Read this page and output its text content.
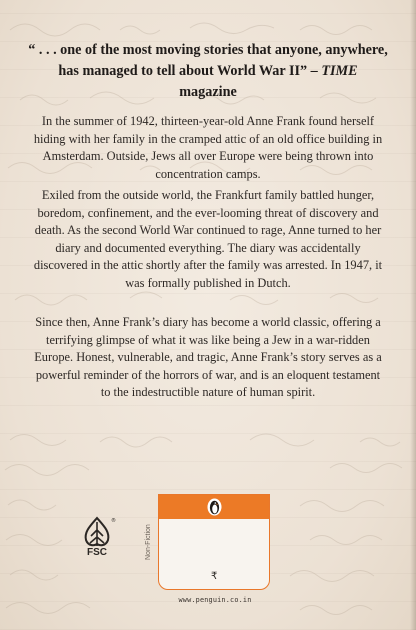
“ . . . one of the most moving stories that anyone, anywhere, has managed to tell about World War II” – TIME magazine

In the summer of 1942, thirteen-year-old Anne Frank found herself hiding with her family in the cramped attic of an old office building in Amsterdam. Outside, Jews all over Europe were being thrown into concentration camps.

Exiled from the outside world, the Frankfurt family battled hunger, boredom, confinement, and the ever-looming threat of discovery and death. As the second World War continued to rage, Anne turned to her diary and documented everything. The diary was accidentally discovered in the attic shortly after the family was arrested. In 1947, it was formally published in Dutch.

Since then, Anne Frank’s diary has become a world classic, offering a terrifying glimpse of what it was like being a Jew in a war-ridden Europe. Honest, vulnerable, and tragic, Anne Frank’s story serves as a powerful reminder of the horrors of war, and is an eloquent testament to the indestructible nature of human spirit.

®
FSC	Non-Fiction
₹
www.penguin.co.in
